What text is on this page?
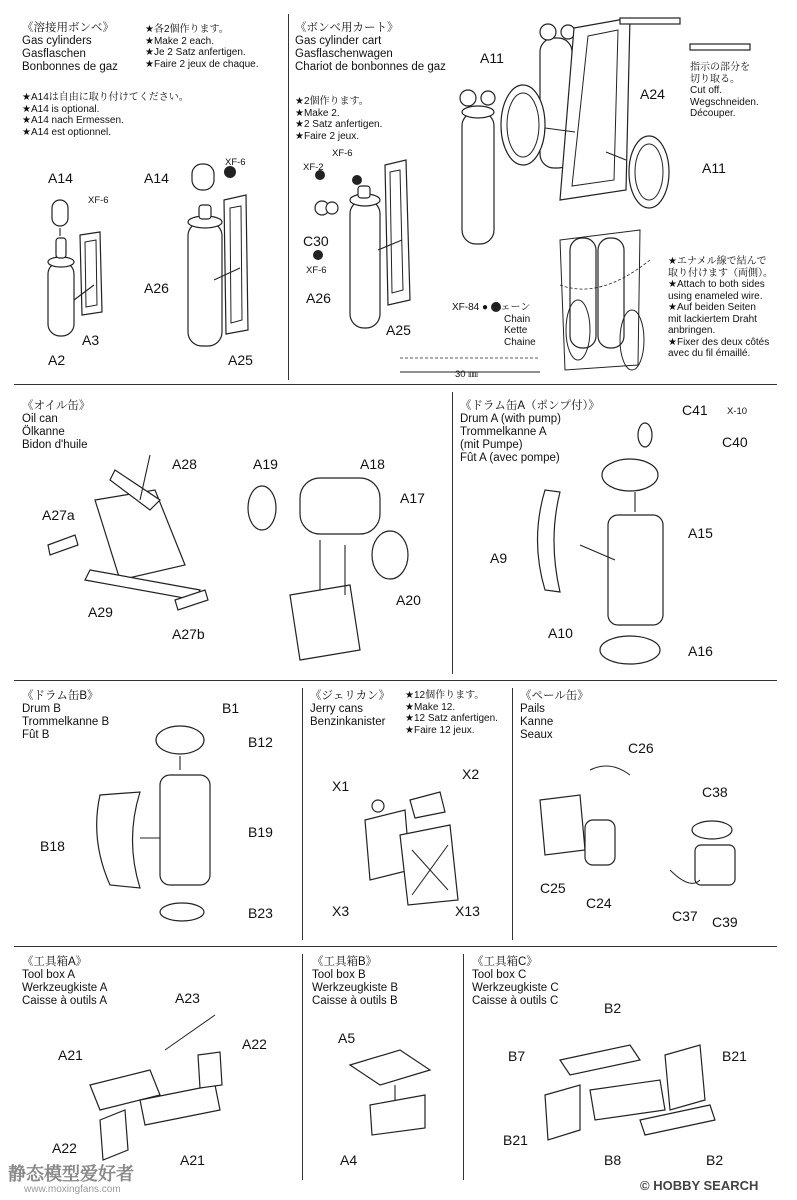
《溶接用ボンベ》
Gas cylinders
Gasflaschen
Bonbonnes de gaz
★各2個作ります。
★Make 2 each.
★Je 2 Satz anfertigen.
★Faire 2 jeux de chaque.
★A14は自由に取り付けてください。
★A14 is optional.
★A14 nach Ermessen.
★A14 est optionnel.
A14
XF-6
A2
A3
A14
XF-6
A26
A25
《ボンベ用カート》
Gas cylinder cart
Gasflaschenwagen
Chariot de bonbonnes de gaz
★2個作ります。
★Make 2.
★2 Satz anfertigen.
★Faire 2 jeux.
XF-6
XF-2
C30
XF-6
A26
A25
A11
A24
A11
指示の部分を
切り取る。
Cut off.
Wegschneiden.
Découper.
XF-84 ● チェーン
Chain
Kette
Chaine
30 ㎜
★エナメル線で結んで
取り付けます（両側）。
★Attach to both sides
using enameled wire.
★Auf beiden Seiten
mit lackiertem Draht
anbringen.
★Fixer des deux côtés
avec du fil émaillé.
《オイル缶》
Oil can
Ölkanne
Bidon d'huile
A28
A27a
A29
A27b
A19	A18
A17
A20
《ドラム缶A（ポンプ付）》
Drum A (with pump)
Trommelkanne A
(mit Pumpe)
Fût A (avec pompe)
C41 X-10
C40
A15
A9
A10
A16
《ドラム缶B》
Drum B
Trommelkanne B
Fût B
B1
B12
B18
B19
B23
《ジェリカン》
Jerry cans
Benzinkanister
★12個作ります。
★Make 12.
★12 Satz anfertigen.
★Faire 12 jeux.
X1
X2
X3	X13
《ペール缶》
Pails
Kanne
Seaux
C26
C38
C25
C24
C37 C39
《工具箱A》
Tool box A
Werkzeugkiste A
Caisse à outils A	A23
A21
A22
A22
A21
《工具箱B》
Tool box B
Werkzeugkiste B
Caisse à outils B
A5
A4
《工具箱C》
Tool box C
Werkzeugkiste C
Caisse à outils C	B2
B7	B21
B21
B8	B2
静态模型爱好者
www.moxingfans.com	© HOBBY SEARCH
